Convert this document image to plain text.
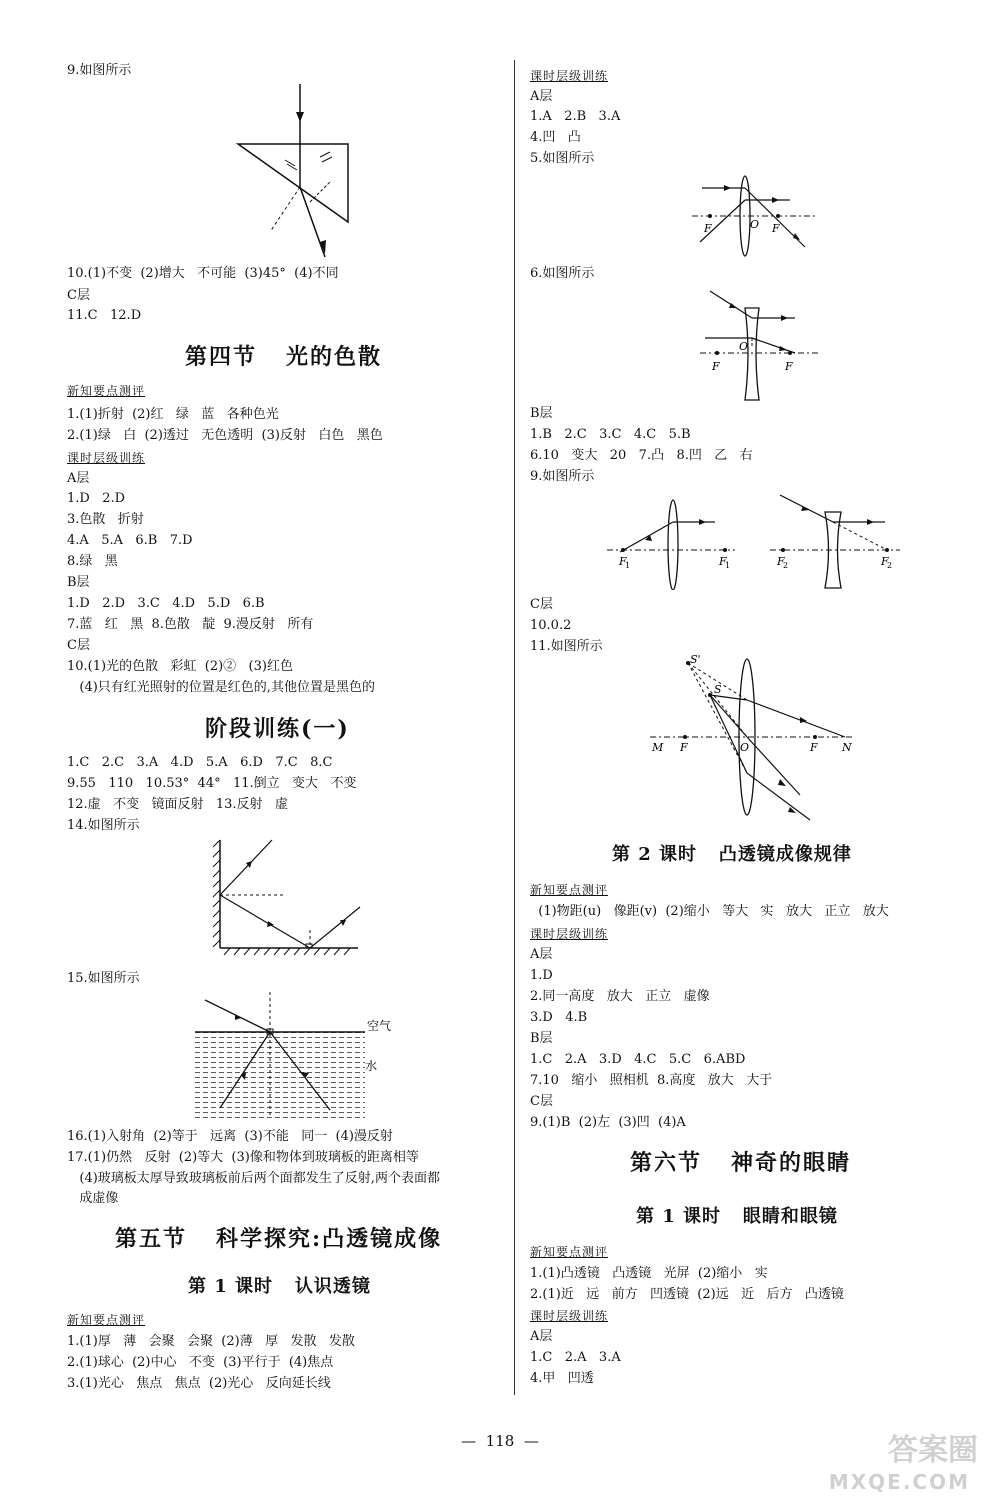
9.如图所示
10.(1)不变  (2)增大   不可能  (3)45°  (4)不同
C层
11.C   12.D
第四节   光的色散
新知要点测评
1.(1)折射  (2)红   绿   蓝   各种色光
2.(1)绿   白  (2)透过   无色透明  (3)反射   白色   黑色
课时层级训练
A层
1.D   2.D
3.色散   折射
4.A   5.A   6.B   7.D
8.绿   黑
B层
1.D   2.D   3.C   4.D   5.D   6.B
7.蓝   红   黑  8.色散   靛  9.漫反射   所有
C层
10.(1)光的色散   彩虹  (2)②   (3)红色
(4)只有红光照射的位置是红色的,其他位置是黑色的
阶段训练(一)
1.C   2.C   3.A   4.D   5.A   6.D   7.C   8.C
9.55   110   10.53°  44°   11.倒立   变大   不变
12.虚   不变   镜面反射   13.反射   虚
14.如图所示
15.如图所示
空气
水
16.(1)入射角  (2)等于   远离  (3)不能   同一  (4)漫反射
17.(1)仍然   反射  (2)等大  (3)像和物体到玻璃板的距离相等
(4)玻璃板太厚导致玻璃板前后两个面都发生了反射,两个表面都
成虚像
第五节   科学探究:凸透镜成像
第 1 课时   认识透镜
新知要点测评
1.(1)厚   薄   会聚   会聚  (2)薄   厚   发散   发散
2.(1)球心  (2)中心   不变  (3)平行于  (4)焦点
3.(1)光心   焦点   焦点  (2)光心   反向延长线
课时层级训练
A层
1.A   2.B   3.A
4.凹   凸
5.如图所示
F	O F
6.如图所示
F
O
F
B层
1.B   2.C   3.C   4.C   5.B
6.10   变大   20   7.凸   8.凹   乙   右
9.如图所示
F
1	F
1	F
2	F
2
C层
10.0.2
11.如图所示
M F	O	F N
S'
S
第 2 课时   凸透镜成像规律
新知要点测评
(1)物距(u)   像距(v)  (2)缩小   等大   实   放大   正立   放大
课时层级训练
A层
1.D
2.同一高度   放大   正立   虚像
3.D   4.B
B层
1.C   2.A   3.D   4.C   5.C   6.ABD
7.10   缩小   照相机  8.高度   放大   大于
C层
9.(1)B  (2)左  (3)凹  (4)A
第六节   神奇的眼睛
第 1 课时   眼睛和眼镜
新知要点测评
1.(1)凸透镜   凸透镜   光屏  (2)缩小   实
2.(1)近   远   前方   凹透镜  (2)远   近   后方   凸透镜
课时层级训练
A层
1.C   2.A   3.A
4.甲   凹透
—  118  —	答案圈
MXQE.COM
